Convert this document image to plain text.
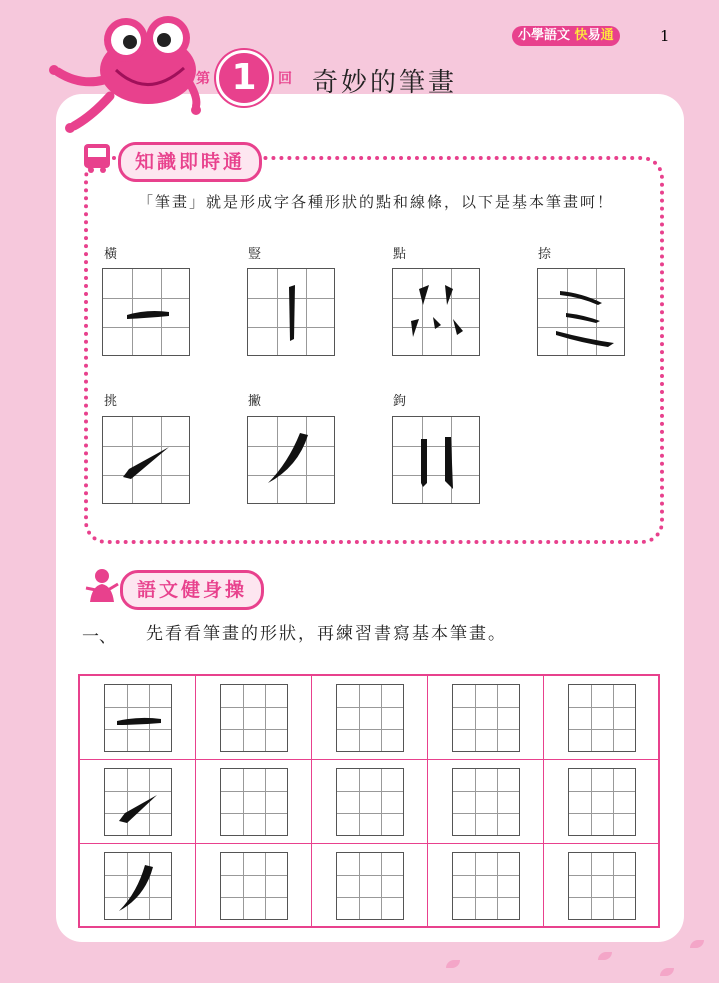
小學語文 快易通	1
第 1	回 奇妙的筆畫
知識即時通
「筆畫」就是形成字各種形狀的點和線條，以下是基本筆畫呵！
橫	豎	點	捺
挑	撇	鉤
語文健身操
一、 先看看筆畫的形狀，再練習書寫基本筆畫。
